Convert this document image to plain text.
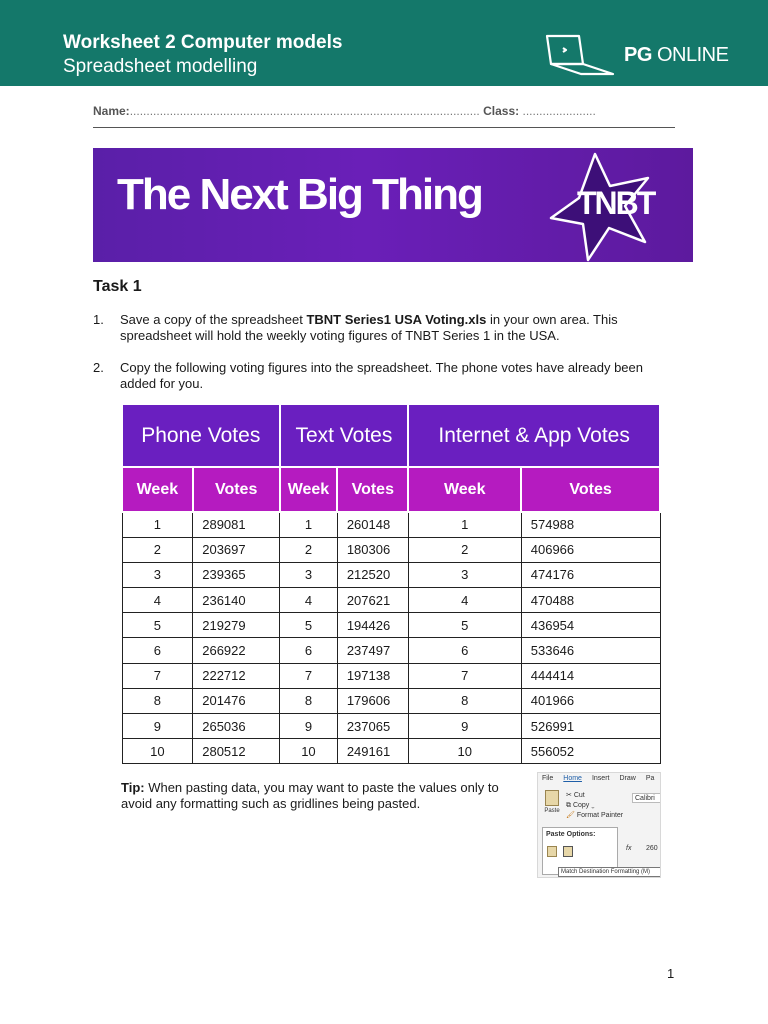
Worksheet 2 Computer models
Spreadsheet modelling
PG ONLINE
Name:......................................................................................................... Class: ......................
The Next Big Thing	TNBT
Task 1
1. Save a copy of the spreadsheet TBNT Series1 USA Voting.xls in your own area. This spreadsheet will hold the weekly voting figures of TNBT Series 1 in the USA.
2. Copy the following voting figures into the spreadsheet. The phone votes have already been added for you.
Phone Votes		Text Votes		Internet & App Votes	
Week	Votes	Week	Votes	Week	Votes
1	289081	1	260148	1	574988
2	203697	2	180306	2	406966
3	239365	3	212520	3	474176
4	236140	4	207621	4	470488
5	219279	5	194426	5	436954
6	266922	6	237497	6	533646
7	222712	7	197138	7	444414
8	201476	8	179606	8	401966
9	265036	9	237065	9	526991
10	280512	10	249161	10	556052
Tip: When pasting data, you may want to paste the values only to avoid any formatting such as gridlines being pasted.
File Home Insert Draw Pa
Paste
✂ Cut
⧉ Copy ⌄
🖌 Format Painter
Calibri
Paste Options:
fx 260
Match Destination Formatting (M)
1
